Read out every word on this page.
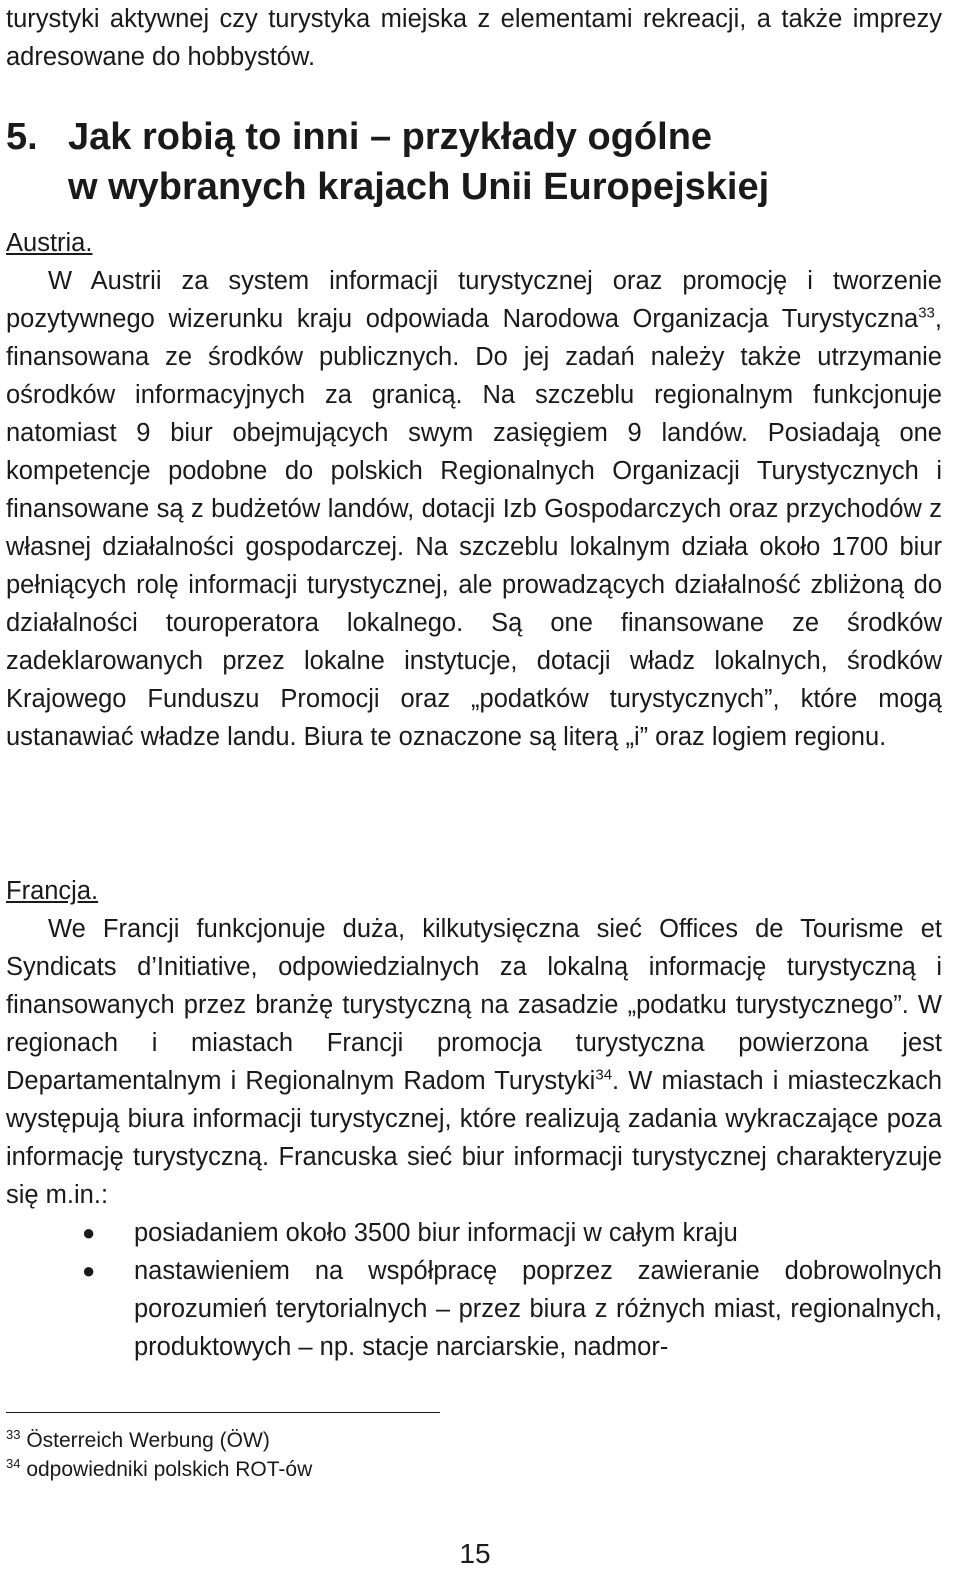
turystyki aktywnej czy turystyka miejska z elementami rekreacji, a także imprezy adresowane do hobbystów.

5. Jak robią to inni – przykłady ogólne
w wybranych krajach Unii Europejskiej

Austria.

W Austrii za system informacji turystycznej oraz promocję i tworzenie pozytywnego wizerunku kraju odpowiada Narodowa Organizacja Turystyczna$^{33}$, finansowana ze środków publicznych. Do jej zadań należy także utrzymanie ośrodków informacyjnych za granicą. Na szczeblu regionalnym funkcjonuje natomiast 9 biur obejmujących swym zasięgiem 9 landów. Posiadają one kompetencje podobne do polskich Regionalnych Organizacji Turystycznych i finansowane są z budżetów landów, dotacji Izb Gospodarczych oraz przychodów z własnej działalności gospodarczej. Na szczeblu lokalnym działa około 1700 biur pełniących rolę informacji turystycznej, ale prowadzących działalność zbliżoną do działalności touroperatora lokalnego. Są one finansowane ze środków zadeklarowanych przez lokalne instytucje, dotacji władz lokalnych, środków Krajowego Funduszu Promocji oraz „podatków turystycznych”, które mogą ustanawiać władze landu. Biura te oznaczone są literą „i” oraz logiem regionu.

Francja.

We Francji funkcjonuje duża, kilkutysięczna sieć Offices de Tourisme et Syndicats d’Initiative, odpowiedzialnych za lokalną informację turystyczną i finansowanych przez branżę turystyczną na zasadzie „podatku turystycznego”. W regionach i miastach Francji promocja turystyczna powierzona jest Departamentalnym i Regionalnym Radom Turystyki$^{34}$. W miastach i miasteczkach występują biura informacji turystycznej, które realizują zadania wykraczające poza informację turystyczną. Francuska sieć biur informacji turystycznej charakteryzuje się m.in.:

● posiadaniem około 3500 biur informacji w całym kraju
● nastawieniem na współpracę poprzez zawieranie dobrowolnych porozumień terytorialnych – przez biura z różnych miast, regionalnych, produktowych – np. stacje narciarskie, nadmor-
$^{33}$ Österreich Werbung (ÖW)
$^{34}$ odpowiedniki polskich ROT-ów
15
